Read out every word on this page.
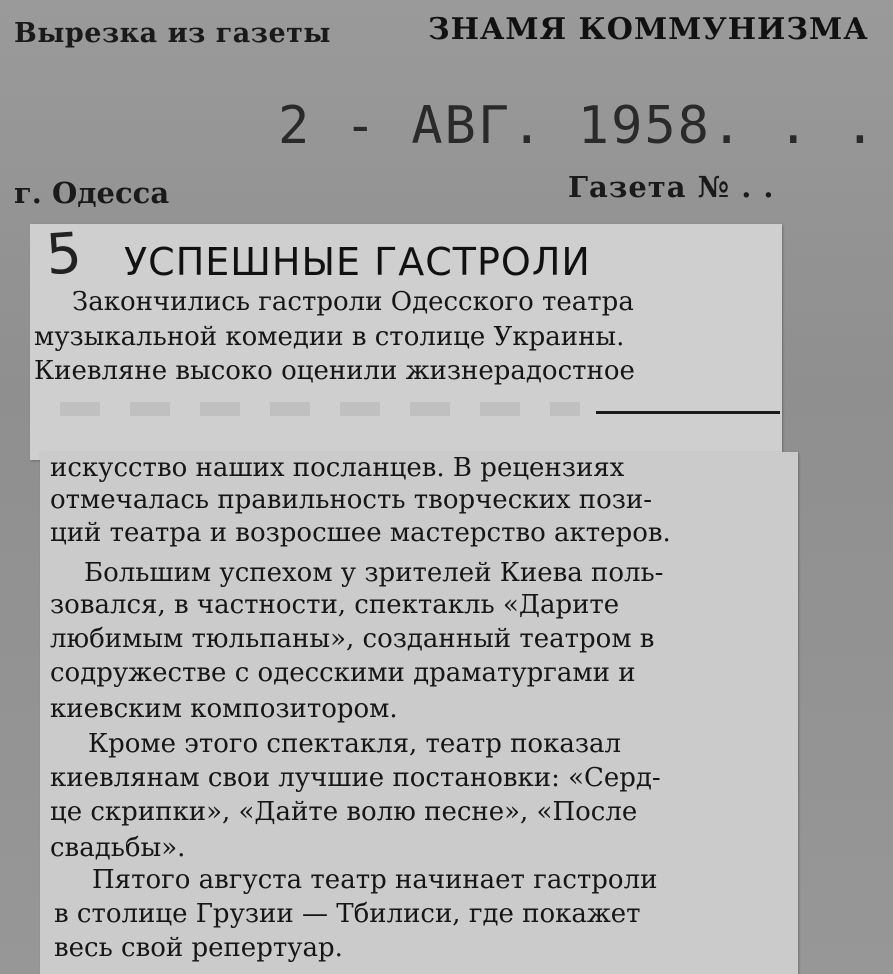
Вырезка из газеты	ЗНАМЯ КОММУНИЗМА
2 - АВГ. 1958. . .
г. Одесса	Газета № . .
5 УСПЕШНЫЕ ГАСТРОЛИ
Закончились гастроли Одесского театра
музыкальной комедии в столице Украины.
Киевляне высоко оценили жизнерадостное
искусство наших посланцев. В рецензиях
отмечалась правильность творческих пози-
ций театра и возросшее мастерство актеров.
Большим успехом у зрителей Киева поль-
зовался, в частности, спектакль «Дарите
любимым тюльпаны», созданный театром в
содружестве с одесскими драматургами и
киевским композитором.
Кроме этого спектакля, театр показал
киевлянам свои лучшие постановки: «Серд-
це скрипки», «Дайте волю песне», «После
свадьбы».
Пятого августа театр начинает гастроли
в столице Грузии — Тбилиси, где покажет
весь свой репертуар.
